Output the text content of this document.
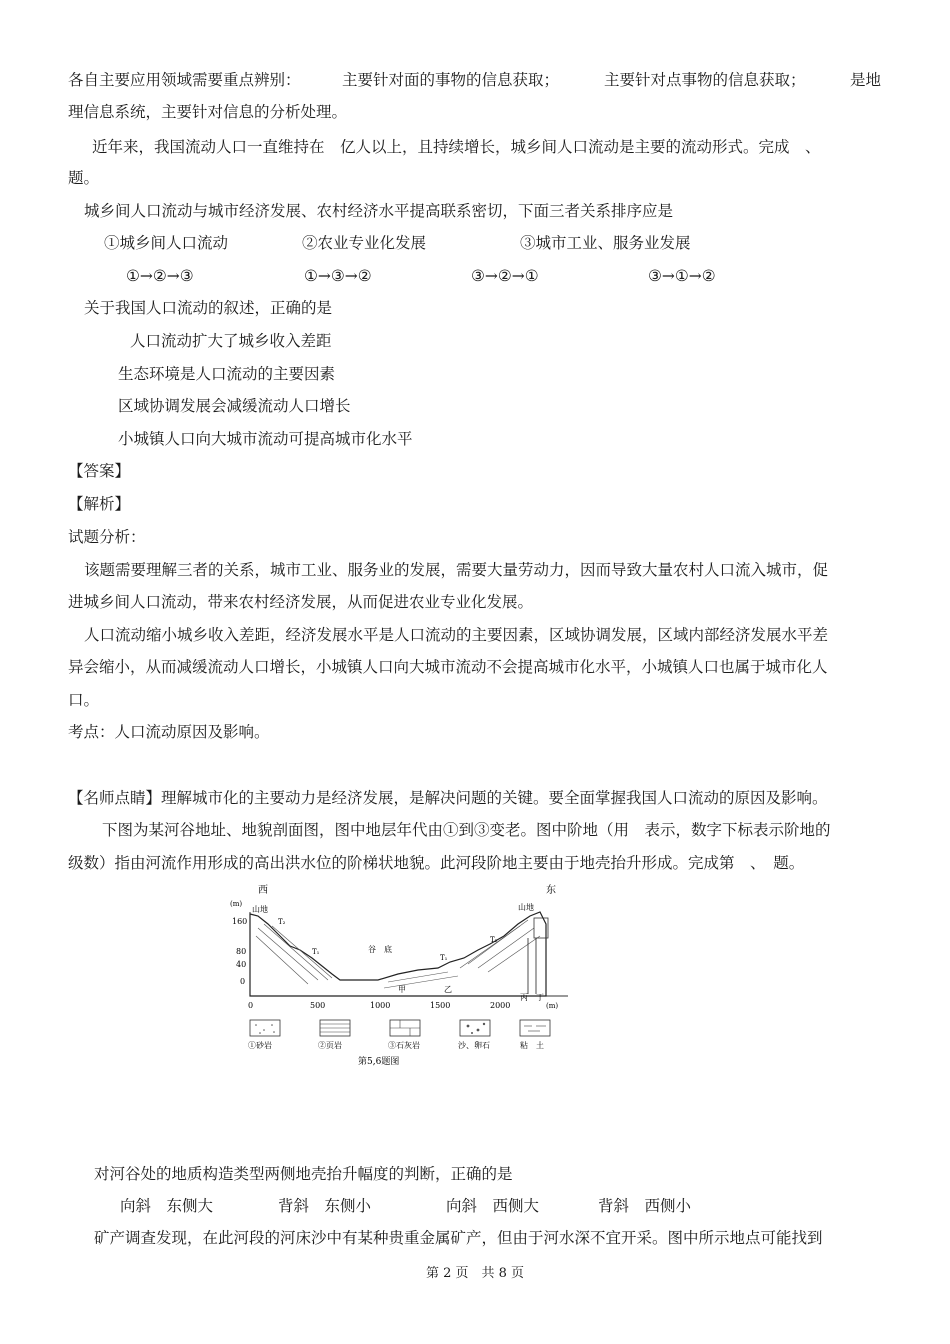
各自主要应用领域需要重点辨别：	主要针对面的事物的信息获取；	主要针对点事物的信息获取；	是地
理信息系统，主要针对信息的分析处理。
近年来，我国流动人口一直维持在　亿人以上，且持续增长，城乡间人口流动是主要的流动形式。完成　、
题。
城乡间人口流动与城市经济发展、农村经济水平提高联系密切，下面三者关系排序应是
①城乡间人口流动	②农业专业化发展	③城市工业、服务业发展
①→②→③	①→③→②	③→②→①	③→①→②
关于我国人口流动的叙述，正确的是
人口流动扩大了城乡收入差距
生态环境是人口流动的主要因素
区域协调发展会减缓流动人口增长
小城镇人口向大城市流动可提高城市化水平
【答案】
【解析】
试题分析：
该题需要理解三者的关系，城市工业、服务业的发展，需要大量劳动力，因而导致大量农村人口流入城市，促
进城乡间人口流动，带来农村经济发展，从而促进农业专业化发展。
人口流动缩小城乡收入差距，经济发展水平是人口流动的主要因素，区域协调发展，区域内部经济发展水平差
异会缩小，从而减缓流动人口增长，小城镇人口向大城市流动不会提高城市化水平，小城镇人口也属于城市化人
口。
考点：人口流动原因及影响。
【名师点睛】理解城市化的主要动力是经济发展，是解决问题的关键。要全面掌握我国人口流动的原因及影响。
下图为某河谷地址、地貌剖面图，图中地层年代由①到③变老。图中阶地（用　表示，数字下标表示阶地的
级数）指由河流作用形成的高出洪水位的阶梯状地貌。此河段阶地主要由于地壳抬升形成。完成第　、　题。
对河谷处的地质构造类型两侧地壳抬升幅度的判断，正确的是
向斜　东侧大	背斜　东侧小	向斜　西侧大	背斜　西侧小
矿产调查发现，在此河段的河床沙中有某种贵重金属矿产，但由于河水深不宜开采。图中所示地点可能找到
西	东
(m)
160
80
40
0
0	500	1000	1500	2000	(m)
山地	山地
T₂
T₁
T₁
T₂
谷　底
甲	乙
丙 丁
①砂岩	②页岩	③石灰岩	沙、卵石	粘　土
第5,6题图
第 2 页　共 8 页
